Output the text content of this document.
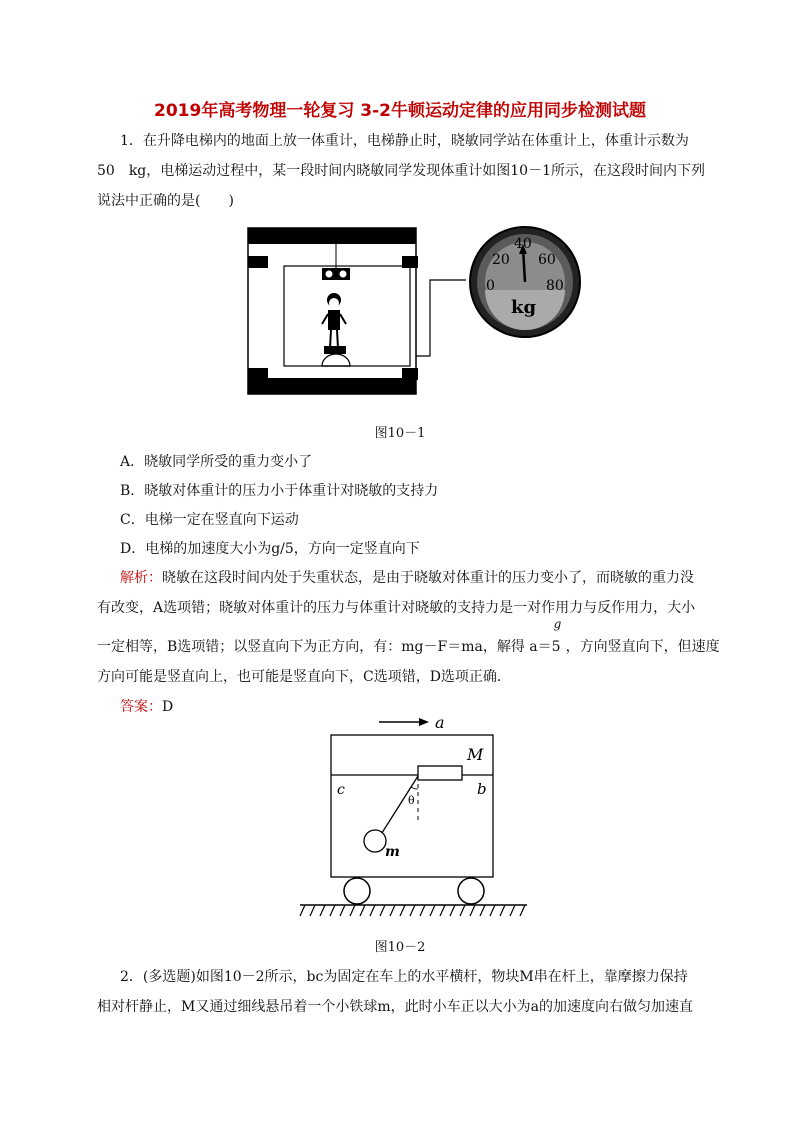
2019年高考物理一轮复习 3-2牛顿运动定律的应用同步检测试题
1．在升降电梯内的地面上放一体重计，电梯静止时，晓敏同学站在体重计上，体重计示数为
50　kg，电梯运动过程中，某一段时间内晓敏同学发现体重计如图10－1所示，在这段时间内下列
说法中正确的是(　　)
0
20
40
60
80
kg
图10－1
A．晓敏同学所受的重力变小了
B．晓敏对体重计的压力小于体重计对晓敏的支持力
C．电梯一定在竖直向下运动
D．电梯的加速度大小为g/5，方向一定竖直向下
解析：晓敏在这段时间内处于失重状态，是由于晓敏对体重计的压力变小了，而晓敏的重力没
有改变，A选项错；晓敏对体重计的压力与体重计对晓敏的支持力是一对作用力与反作用力，大小
一定相等，B选项错；以竖直向下为正方向，有：mg－F＝ma，解得 a＝
g
5 ，方向竖直向下，但速度
方向可能是竖直向上，也可能是竖直向下，C选项错，D选项正确．
答案：D
a
M
c	b
θ
m
图10－2
2．(多选题)如图10－2所示，bc为固定在车上的水平横杆，物块M串在杆上，靠摩擦力保持
相对杆静止，M又通过细线悬吊着一个小铁球m，此时小车正以大小为a的加速度向右做匀加速直
